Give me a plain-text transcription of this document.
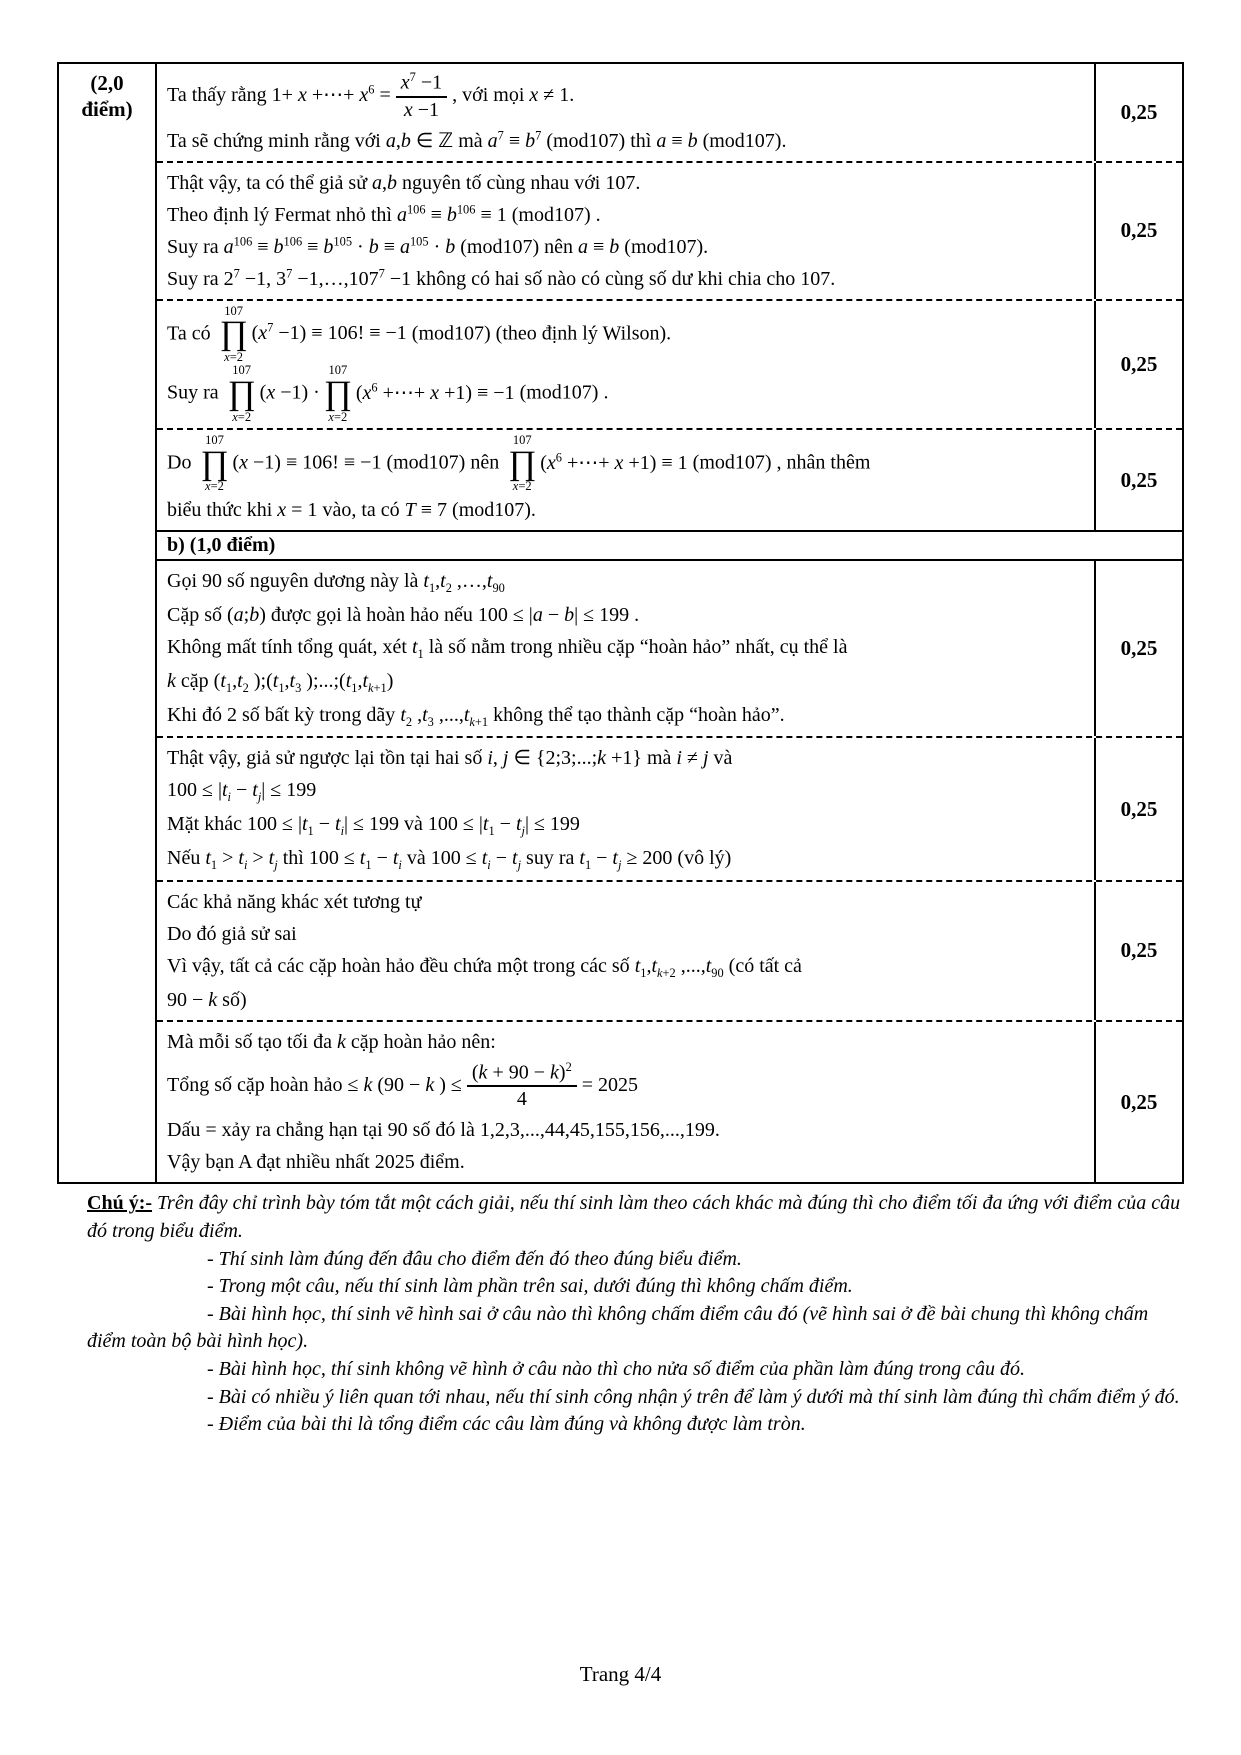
(2,0
điểm)
Ta thấy rằng 1+ x +⋯+ $x^6 = \frac{x^7 -1}{x -1}$ , với mọi x ≠ 1.
Ta sẽ chứng minh rằng với a,b ∈ ℤ mà $a^7 \equiv b^7$ (mod107) thì a ≡ b (mod107).
0,25
Thật vậy, ta có thể giả sử a,b nguyên tố cùng nhau với 107.
Theo định lý Fermat nhỏ thì $a^{106} \equiv b^{106} \equiv 1$ (mod107) .
Suy ra $a^{106} \equiv b^{106} \equiv b^{105} \cdot b \equiv a^{105} \cdot b$ (mod107) nên a ≡ b (mod107).
Suy ra $2^7 -1$, $3^7$ $-1,\dots,107^7 -1$ không có hai số nào có cùng số dư khi chia cho 107.
0,25
Ta có
107
∏
x=2
$(x^7 -1) \equiv 106$! ≡ −1 (mod107) (theo định lý Wilson).
Suy ra
107
∏
x=2
(x −1) ·
107
∏
x=2
($x^6$ +⋯+ x +1) ≡ −1 (mod107) .
0,25
Do
107
∏
x=2
(x −1) ≡ 106! ≡ −1 (mod107) nên
107
∏
x=2
($x^6$ +⋯+ x +1) ≡ 1 (mod107) , nhân thêm
biểu thức khi x = 1 vào, ta có T ≡ 7 (mod107).
0,25
b) (1,0 điểm)
Gọi 90 số nguyên dương này là $t_1,t_2$ $,\dots,t_{90}$
Cặp số (a;b) được gọi là hoàn hảo nếu 100 ≤ |a − b| ≤ 199 .
Không mất tính tổng quát, xét $t_1$ là số nằm trong nhiều cặp “hoàn hảo” nhất, cụ thể là
k cặp ($t_1,t_2$ )$;(t_1,t_3$ )$;...;(t_1,t_{k+1})$
Khi đó 2 số bất kỳ trong dãy $t_2$ $,t_3$ $,...,t_{k+1}$ không thể tạo thành cặp “hoàn hảo”.
0,25
Thật vậy, giả sử ngược lại tồn tại hai số i, j ∈ {2;3;...;k +1} mà i ≠ j và
$100 \le |t_i - t_j| \le 199$
Mặt khác $100 \le |t_1 - t_i| \le 199$ và $100 \le |t_1 - t_j| \le 199$
Nếu $t_1 > t_i > t_j$ thì $100 \le t_1 - t_i$ và $100 \le t_i - t_j$ suy ra $t_1 - t_j \ge 200$ (vô lý)
0,25
Các khả năng khác xét tương tự
Do đó giả sử sai
Vì vậy, tất cả các cặp hoàn hảo đều chứa một trong các số $t_1,t_{k+2}$ $,...,t_{90}$ (có tất cả
90 − k số)
0,25
Mà mỗi số tạo tối đa k cặp hoàn hảo nên:
Tổng số cặp hoàn hảo ≤ k (90 − k ) ≤ $\frac{(k + 90 - k)^2}{4} = 2025$
Dấu = xảy ra chẳng hạn tại 90 số đó là 1,2,3,...,44,45,155,156,...,199.
Vậy bạn A đạt nhiều nhất 2025 điểm.
0,25

Chú ý:- Trên đây chỉ trình bày tóm tắt một cách giải, nếu thí sinh làm theo cách khác mà đúng thì cho điểm tối đa ứng với điểm của câu đó trong biểu điểm.

- Thí sinh làm đúng đến đâu cho điểm đến đó theo đúng biểu điểm.

- Trong một câu, nếu thí sinh làm phần trên sai, dưới đúng thì không chấm điểm.

- Bài hình học, thí sinh vẽ hình sai ở câu nào thì không chấm điểm câu đó (vẽ hình sai ở đề bài chung thì không chấm điểm toàn bộ bài hình học).

- Bài hình học, thí sinh không vẽ hình ở câu nào thì cho nửa số điểm của phần làm đúng trong câu đó.

- Bài có nhiều ý liên quan tới nhau, nếu thí sinh công nhận ý trên để làm ý dưới mà thí sinh làm đúng thì chấm điểm ý đó.

- Điểm của bài thi là tổng điểm các câu làm đúng và không được làm tròn.

Trang 4/4
